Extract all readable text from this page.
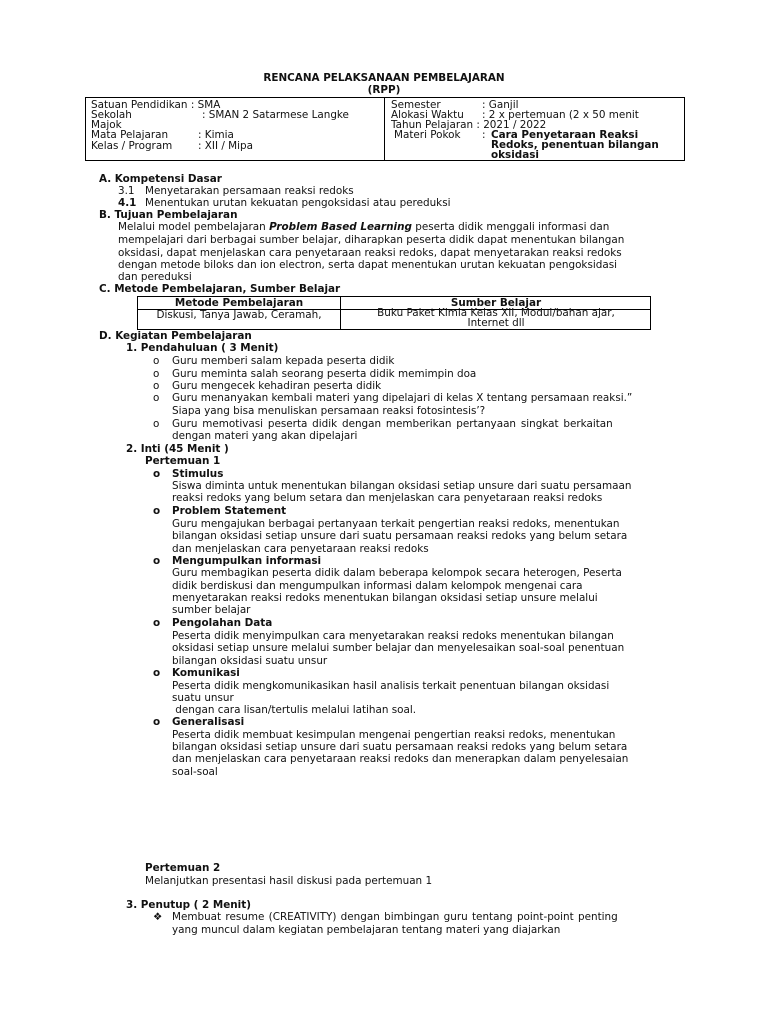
RENCANA PELAKSANAAN PEMBELAJARAN
(RPP)
Satuan Pendidikan : SMA
Sekolah	: SMAN 2 Satarmese Langke
Majok
Mata Pelajaran	: Kimia
Kelas / Program : XII / Mipa
Semester	: Ganjil
Alokasi Waktu : 2 x pertemuan (2 x 50 menit
Tahun Pelajaran : 2021 / 2022
Materi Pokok : Cara Penyetaraan Reaksi
Redoks, penentuan bilangan
oksidasi
A. Kompetensi Dasar
3.1 Menyetarakan persamaan reaksi redoks
4.1 Menentukan urutan kekuatan pengoksidasi atau pereduksi
B. Tujuan Pembelajaran
Melalui model pembelajaran Problem Based Learning peserta didik menggali informasi dan
mempelajari dari berbagai sumber belajar, diharapkan peserta didik dapat menentukan bilangan
oksidasi, dapat menjelaskan cara penyetaraan reaksi redoks, dapat menyetarakan reaksi redoks
dengan metode biloks dan ion electron, serta dapat menentukan urutan kekuatan pengoksidasi
dan pereduksi
C. Metode Pembelajaran, Sumber Belajar
Metode Pembelajaran	Sumber Belajar
Diskusi, Tanya Jawab, Ceramah,	Buku Paket Kimia Kelas XII, Modul/bahan ajar,
Internet dll
D. Kegiatan Pembelajaran
1. Pendahuluan ( 3 Menit)
o Guru memberi salam kepada peserta didik
o Guru meminta salah seorang peserta didik memimpin doa
o Guru mengecek kehadiran peserta didik
o Guru menanyakan kembali materi yang dipelajari di kelas X tentang persamaan reaksi.”
Siapa yang bisa menuliskan persamaan reaksi fotosintesis’?
o Guru memotivasi peserta didik dengan memberikan pertanyaan singkat berkaitan
dengan materi yang akan dipelajari
2. Inti (45 Menit )
Pertemuan 1
o Stimulus
Siswa diminta untuk menentukan bilangan oksidasi setiap unsure dari suatu persamaan
reaksi redoks yang belum setara dan menjelaskan cara penyetaraan reaksi redoks
o Problem Statement
Guru mengajukan berbagai pertanyaan terkait pengertian reaksi redoks, menentukan
bilangan oksidasi setiap unsure dari suatu persamaan reaksi redoks yang belum setara
dan menjelaskan cara penyetaraan reaksi redoks
o Mengumpulkan informasi
Guru membagikan peserta didik dalam beberapa kelompok secara heterogen, Peserta
didik berdiskusi dan mengumpulkan informasi dalam kelompok mengenai cara
menyetarakan reaksi redoks menentukan bilangan oksidasi setiap unsure melalui
sumber belajar
o Pengolahan Data
Peserta didik menyimpulkan cara menyetarakan reaksi redoks menentukan bilangan
oksidasi setiap unsure melalui sumber belajar dan menyelesaikan soal-soal penentuan
bilangan oksidasi suatu unsur
o Komunikasi
Peserta didik mengkomunikasikan hasil analisis terkait penentuan bilangan oksidasi
suatu unsur
dengan cara lisan/tertulis melalui latihan soal.
o Generalisasi
Peserta didik membuat kesimpulan mengenai pengertian reaksi redoks, menentukan
bilangan oksidasi setiap unsure dari suatu persamaan reaksi redoks yang belum setara
dan menjelaskan cara penyetaraan reaksi redoks dan menerapkan dalam penyelesaian
soal-soal
Pertemuan 2
Melanjutkan presentasi hasil diskusi pada pertemuan 1
3. Penutup ( 2 Menit)
❖ Membuat resume (CREATIVITY) dengan bimbingan guru tentang point-point penting
yang muncul dalam kegiatan pembelajaran tentang materi yang diajarkan
